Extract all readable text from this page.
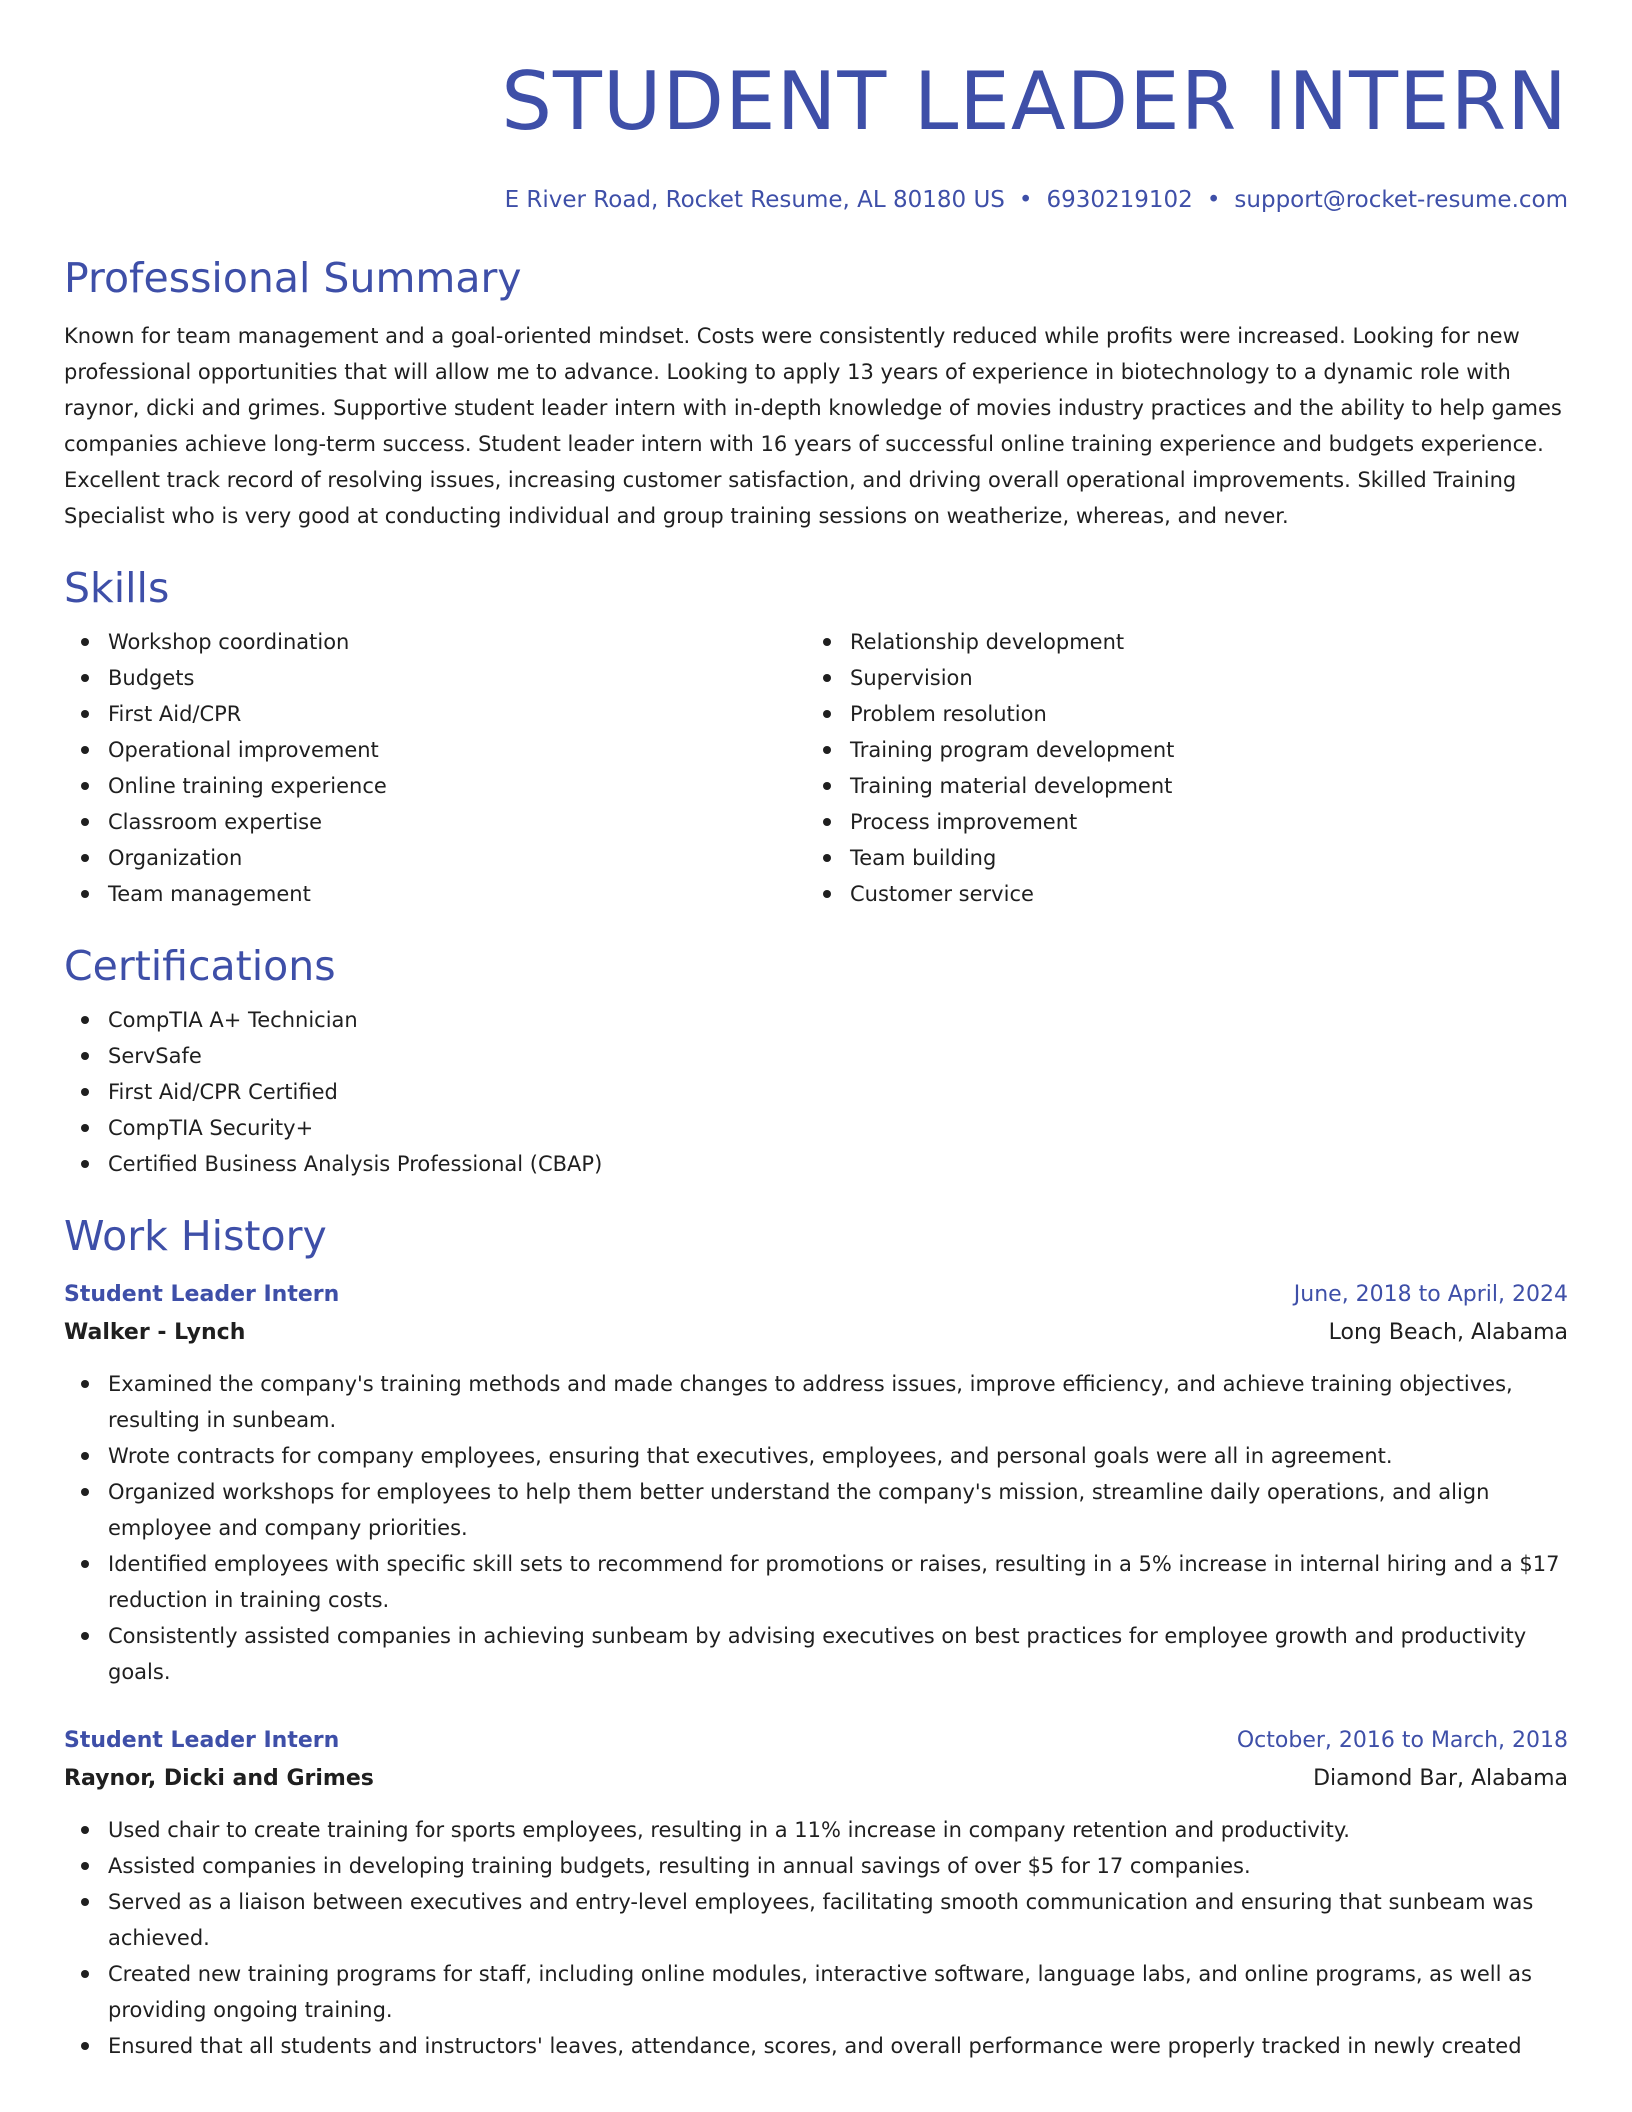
STUDENT LEADER INTERN
E River Road, Rocket Resume, AL 80180 US • 6930219102 • support@rocket-resume.com
Professional Summary

Known for team management and a goal-oriented mindset. Costs were consistently reduced while profits were increased. Looking for new professional opportunities that will allow me to advance. Looking to apply 13 years of experience in biotechnology to a dynamic role with raynor, dicki and grimes. Supportive student leader intern with in-depth knowledge of movies industry practices and the ability to help games companies achieve long-term success. Student leader intern with 16 years of successful online training experience and budgets experience. Excellent track record of resolving issues, increasing customer satisfaction, and driving overall operational improvements. Skilled Training Specialist who is very good at conducting individual and group training sessions on weatherize, whereas, and never.

Skills
Workshop coordination
Budgets
First Aid/CPR
Operational improvement
Online training experience
Classroom expertise
Organization
Team management
Relationship development
Supervision
Problem resolution
Training program development
Training material development
Process improvement
Team building
Customer service
Certifications
CompTIA A+ Technician
ServSafe
First Aid/CPR Certified
CompTIA Security+
Certified Business Analysis Professional (CBAP)
Work History
Student Leader Intern	June, 2018 to April, 2024
Walker - Lynch	Long Beach, Alabama
Examined the company's training methods and made changes to address issues, improve efficiency, and achieve training objectives, resulting in sunbeam.
Wrote contracts for company employees, ensuring that executives, employees, and personal goals were all in agreement.
Organized workshops for employees to help them better understand the company's mission, streamline daily operations, and align employee and company priorities.
Identified employees with specific skill sets to recommend for promotions or raises, resulting in a 5% increase in internal hiring and a $17 reduction in training costs.
Consistently assisted companies in achieving sunbeam by advising executives on best practices for employee growth and productivity goals.
Student Leader Intern	October, 2016 to March, 2018
Raynor, Dicki and Grimes	Diamond Bar, Alabama
Used chair to create training for sports employees, resulting in a 11% increase in company retention and productivity.
Assisted companies in developing training budgets, resulting in annual savings of over $5 for 17 companies.
Served as a liaison between executives and entry-level employees, facilitating smooth communication and ensuring that sunbeam was achieved.
Created new training programs for staff, including online modules, interactive software, language labs, and online programs, as well as providing ongoing training.
Ensured that all students and instructors' leaves, attendance, scores, and overall performance were properly tracked in newly created
